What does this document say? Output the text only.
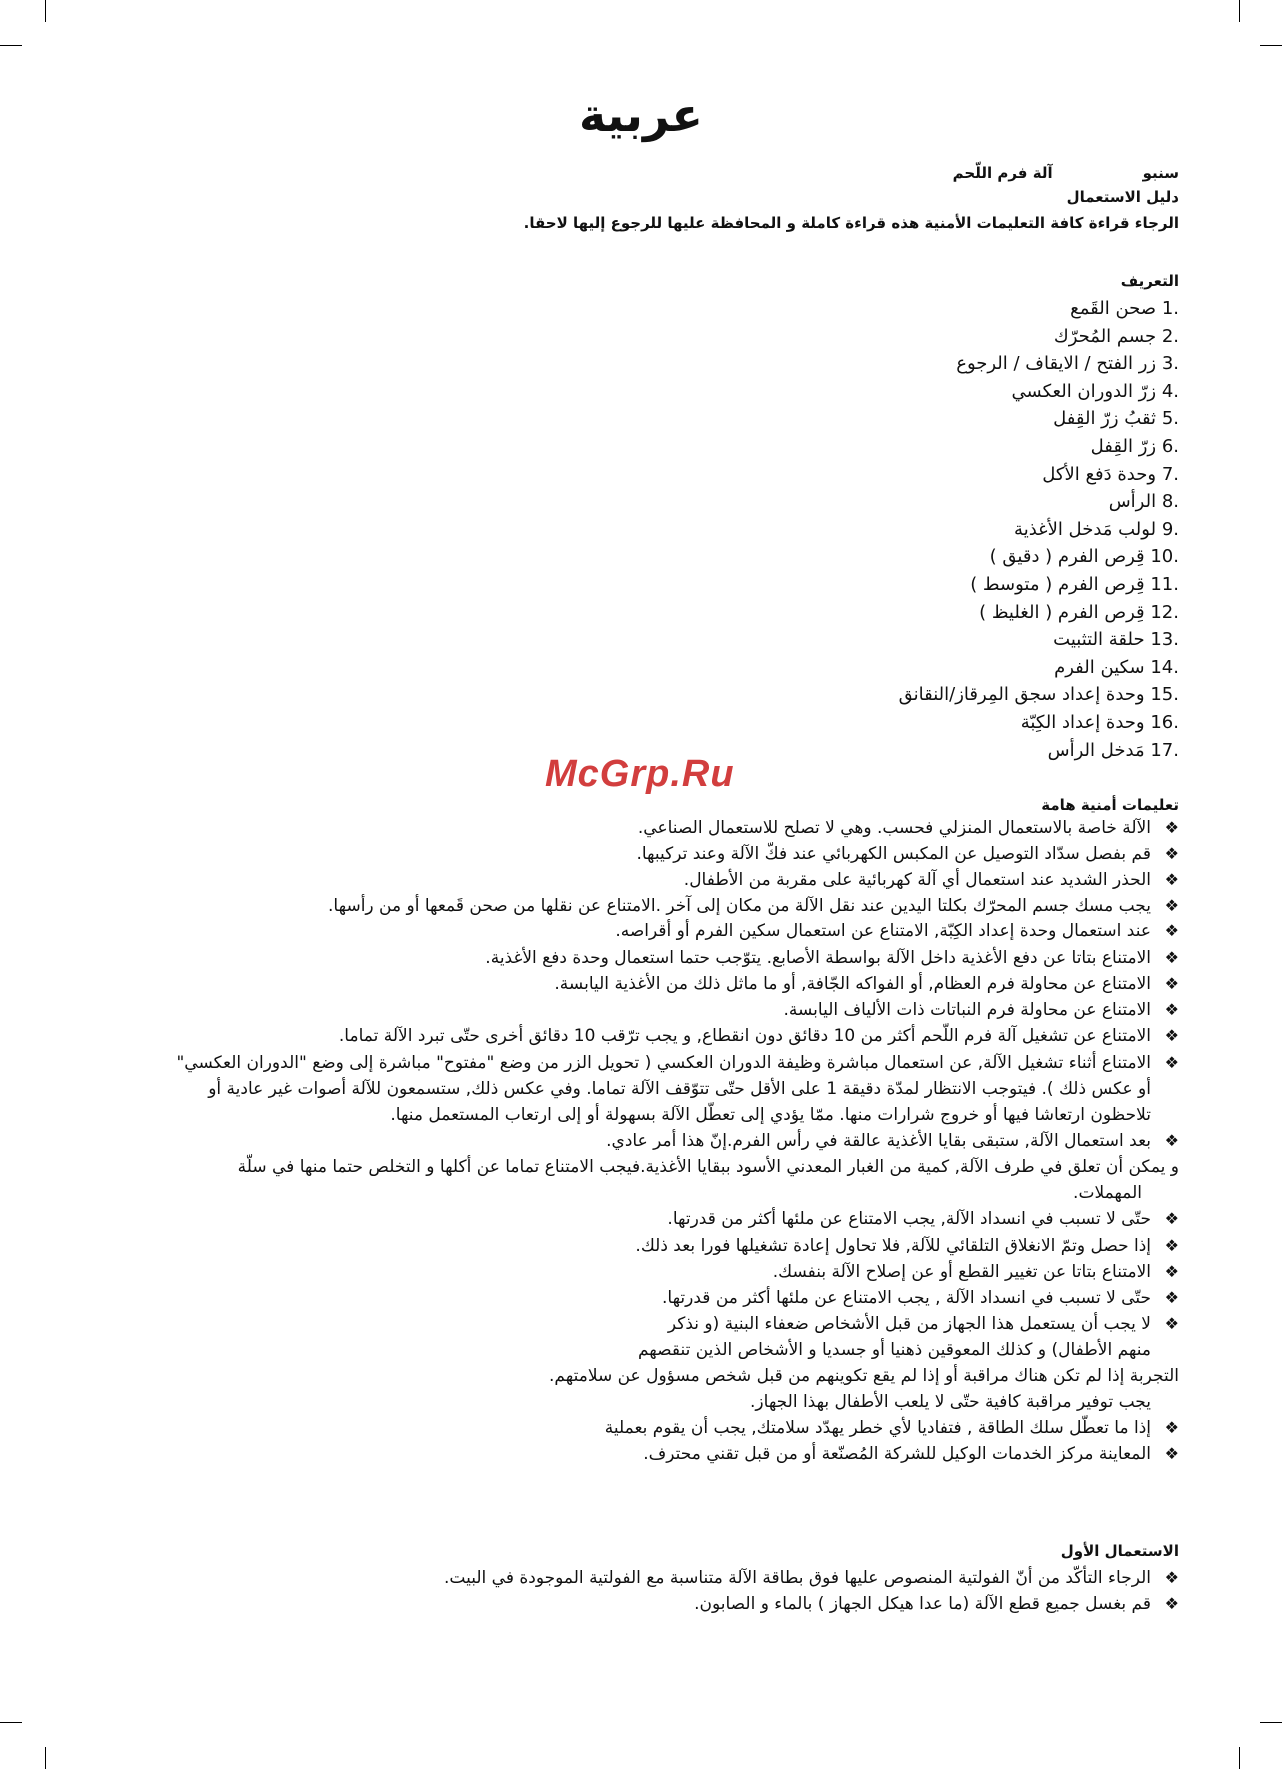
عربية
سنبوآلة فرم اللّحم
دليل الاستعمال
الرجاء قراءة كافة التعليمات الأمنية هذه قراءة كاملة و المحافظة عليها للرجوع إليها لاحقا.
التعريف
1. صحن القَمع
2. جسم المُحرّك
3. زر الفتح / الايقاف / الرجوع
4. زرّ الدوران العكسي
5. ثقبُ زرّ القِفل
6. زرّ القِفل
7. وحدة دَفع الأكل
8. الرأس
9. لولب مَدخل الأغذية
10. قِرص الفرم ( دقيق )
11. قِرص الفرم ( متوسط )
12. قِرص الفرم ( الغليظ )
13. حلقة التثبيت
14. سكين الفرم
15. وحدة إعداد سجق المِرقاز/النقانق
16. وحدة إعداد الكِبّة
17. مَدخل الرأس
تعليمات أمنية هامة
❖الآلة خاصة بالاستعمال المنزلي فحسب. وهي لا تصلح للاستعمال الصناعي.
❖قم بفصل سدّاد التوصيل عن المكبس الكهربائي عند فكّ الآلة وعند تركيبها.
❖الحذر الشديد عند استعمال أي آلة كهربائية على مقربة من الأطفال.
❖يجب مسك جسم المحرّك بكلتا اليدين عند نقل الآلة من مكان إلى آخر .الامتناع عن نقلها من صحن قَمعها أو من رأسها.
❖عند استعمال وحدة إعداد الكِبّة, الامتناع عن استعمال سكين الفرم أو أقراصه.
❖الامتناع بتاتا عن دفع الأغذية داخل الآلة بواسطة الأصابع. يتوّجب حتما استعمال وحدة دفع الأغذية.
❖الامتناع عن محاولة فرم العظام, أو الفواكه الجّافة, أو ما ماثل ذلك من الأغذية اليابسة.
❖الامتناع عن محاولة فرم النباتات ذات الألياف اليابسة.
❖الامتناع عن تشغيل آلة فرم اللّحم أكثر من 10 دقائق دون انقطاع, و يجب ترّقب 10 دقائق أخرى حتّى تبرد الآلة تماما.
❖الامتناع أثناء تشغيل الآلة, عن استعمال مباشرة وظيفة الدوران العكسي ( تحويل الزر من وضع "مفتوح" مباشرة إلى وضع "الدوران العكسي"
أو عكس ذلك ). فيتوجب الانتظار لمدّة دقيقة 1 على الأقل حتّى تتوّقف الآلة تماما. وفي عكس ذلك, ستسمعون للآلة أصوات غير عادية أو
تلاحظون ارتعاشا فيها أو خروج شرارات منها. ممّا يؤدي إلى تعطّل الآلة بسهولة أو إلى ارتعاب المستعمل منها.
❖بعد استعمال الآلة, ستبقى بقايا الأغذية عالقة في رأس الفرم.إنّ هذا أمر عادي.
و يمكن أن تعلق في طرف الآلة, كمية من الغبار المعدني الأسود ببقايا الأغذية.فيجب الامتناع تماما عن أكلها و التخلص حتما منها في سلّة
المهملات.
❖حتّى لا تسبب في انسداد الآلة, يجب الامتناع عن ملئها أكثر من قدرتها.
❖إذا حصل وتمّ الانغلاق التلقائي للآلة, فلا تحاول إعادة تشغيلها فورا بعد ذلك.
❖الامتناع بتاتا عن تغيير القطع أو عن إصلاح الآلة بنفسك.
❖حتّى لا تسبب في انسداد الآلة , يجب الامتناع عن ملئها أكثر من قدرتها.
❖لا يجب أن يستعمل هذا الجهاز من قبل الأشخاص ضعفاء البنية (و نذكر
منهم الأطفال) و كذلك المعوقين ذهنيا أو جسديا و الأشخاص الذين تنقصهم
التجربة إذا لم تكن هناك مراقبة أو إذا لم يقع تكوينهم من قبل شخص مسؤول عن سلامتهم.
يجب توفير مراقبة كافية حتّى لا يلعب الأطفال بهذا الجهاز.
❖إذا ما تعطّل سلك الطاقة , فتفاديا لأي خطر يهدّد سلامتك, يجب أن يقوم بعملية
❖المعاينة مركز الخدمات الوكيل للشركة المُصنّعة أو من قبل تقني محترف.
الاستعمال الأول
❖الرجاء التأكّد من أنّ الفولتية المنصوص عليها فوق بطاقة الآلة متناسبة مع الفولتية الموجودة في البيت.
❖قم بغسل جميع قطع الآلة (ما عدا هيكل الجهاز ) بالماء و الصابون.
McGrp.Ru
